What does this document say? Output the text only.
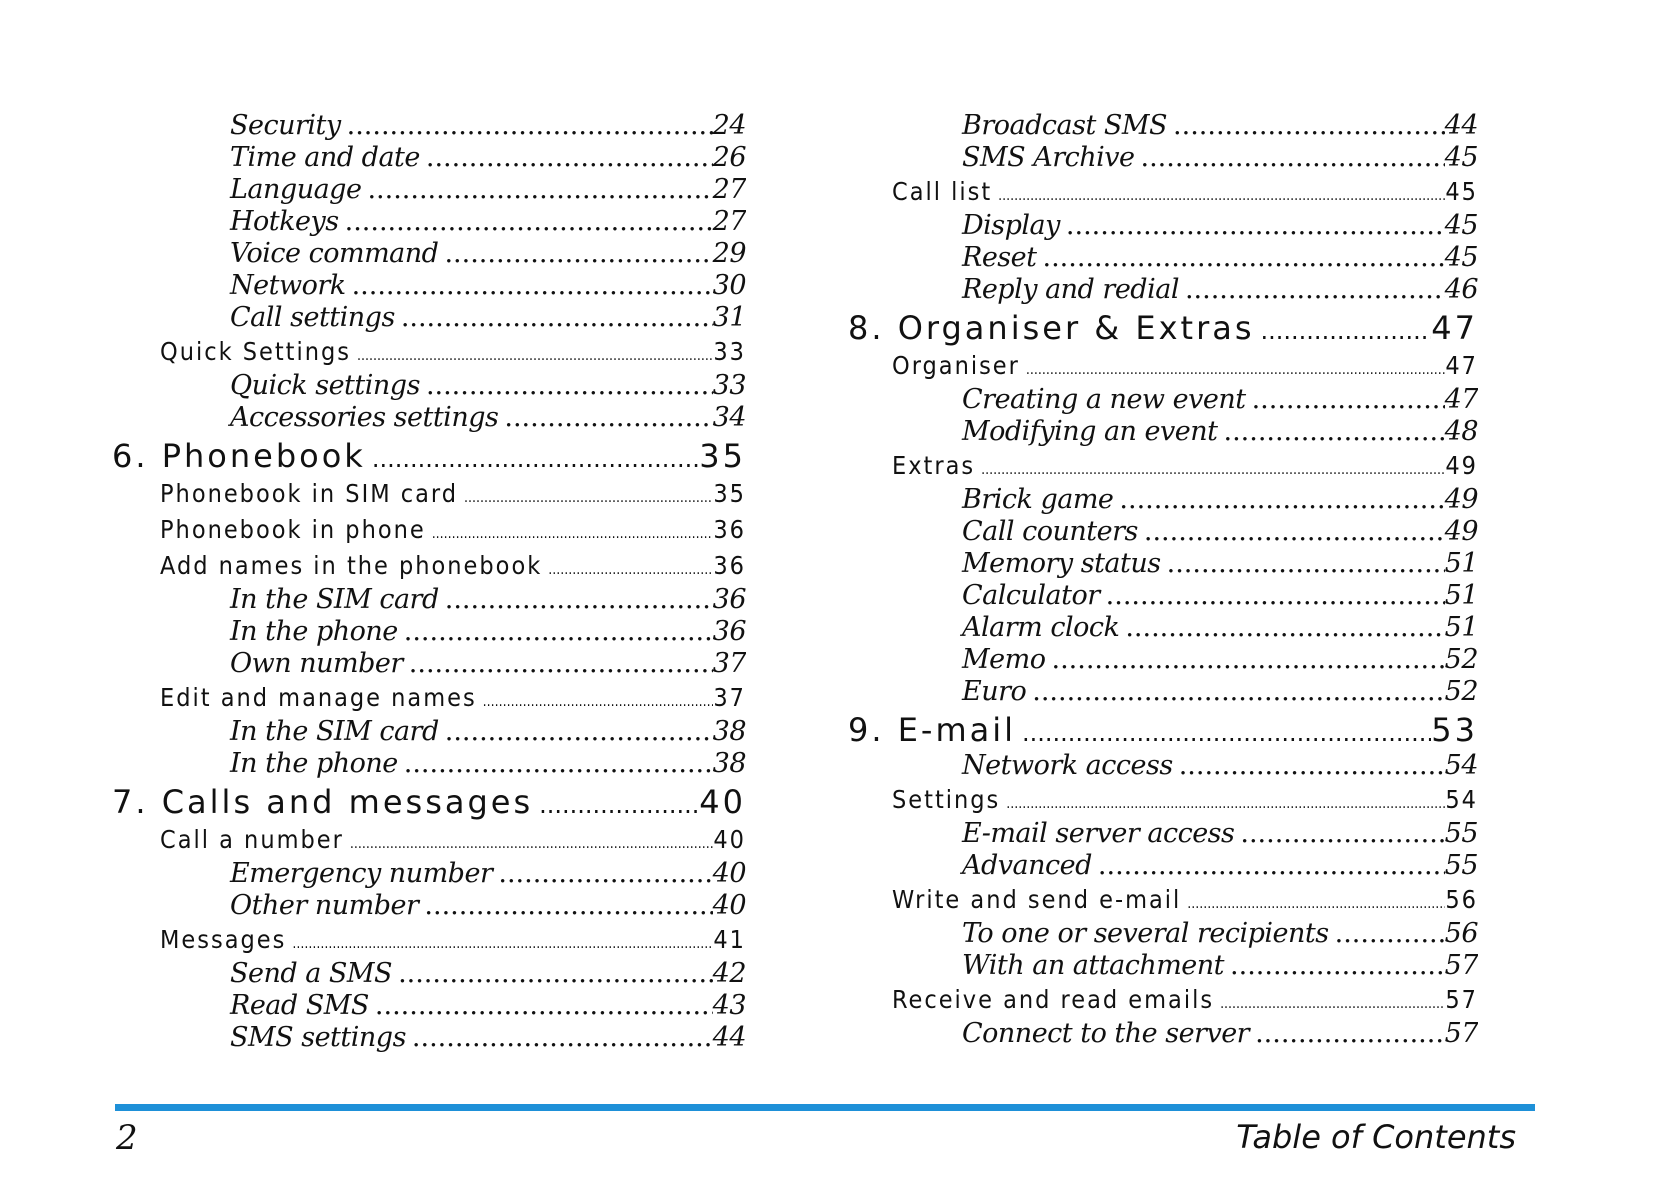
Security .....	24
Time and date .....	26
Language .....	27
Hotkeys .....	27
Voice command .....	29
Network .....	30
Call settings .....	31
Quick Settings .....	33
Quick settings .....	33
Accessories settings .....	34
6. Phonebook .....	35
Phonebook in SIM card .....	35
Phonebook in phone .....	36
Add names in the phonebook .....	36
In the SIM card .....	36
In the phone .....	36
Own number .....	37
Edit and manage names .....	37
In the SIM card .....	38
In the phone .....	38
7. Calls and messages .....	40
Call a number .....	40
Emergency number .....	40
Other number .....	40
Messages .....	41
Send a SMS .....	42
Read SMS .....	43
SMS settings .....	44
Broadcast SMS .....	44
SMS Archive .....	45
Call list .....	45
Display .....	45
Reset .....	45
Reply and redial .....	46
8. Organiser & Extras .....	47
Organiser .....	47
Creating a new event .....	47
Modifying an event .....	48
Extras .....	49
Brick game .....	49
Call counters .....	49
Memory status .....	51
Calculator .....	51
Alarm clock .....	51
Memo .....	52
Euro .....	52
9. E-mail .....	53
Network access .....	54
Settings .....	54
E-mail server access .....	55
Advanced .....	55
Write and send e-mail .....	56
To one or several recipients .....	56
With an attachment .....	57
Receive and read emails .....	57
Connect to the server .....	57
2	Table of Contents
